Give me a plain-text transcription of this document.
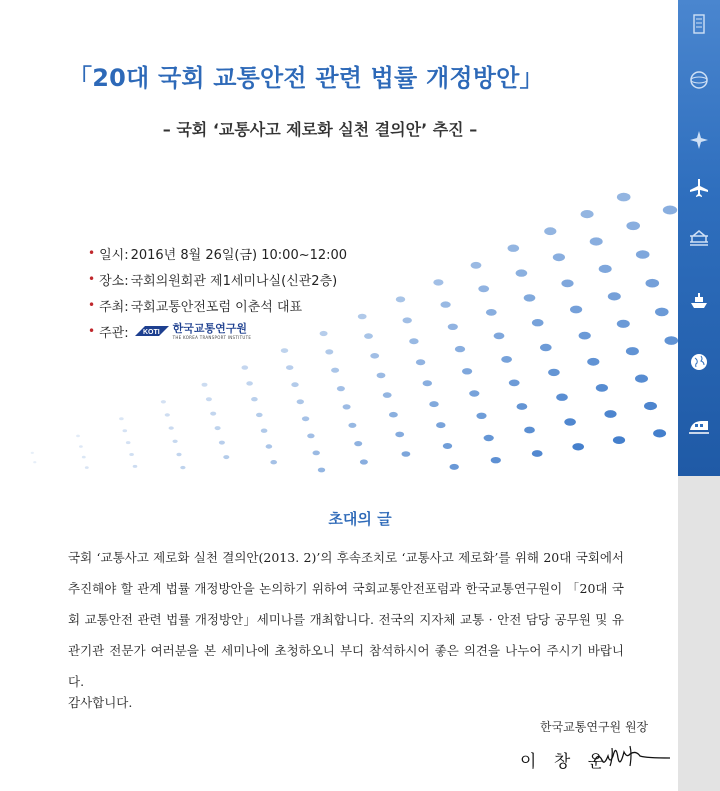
「20대 국회 교통안전 관련 법률 개정방안」
– 국회 ‘교통사고 제로화 실천 결의안’ 추진 –
• 일시: 2016년 8월 26일(금) 10:00~12:00
• 장소: 국회의원회관 제1세미나실(신관2층)
• 주최: 국회교통안전포럼 이춘석 대표
• 주관: KOTI 한국교통연구원
THE KOREA TRANSPORT INSTITUTE
초대의 글

국회 ‘교통사고 제로화 실천 결의안(2013. 2)’의 후속조치로 ‘교통사고 제로화’를 위해 20대 국회에서 추진해야 할 관계 법률 개정방안을 논의하기 위하여 국회교통안전포럼과 한국교통연구원이 「20대 국회 교통안전 관련 법률 개정방안」세미나를 개최합니다. 전국의 지자체 교통 · 안전 담당 공무원 및 유관기관 전문가 여러분을 본 세미나에 초청하오니 부디 참석하시어 좋은 의견을 나누어 주시기 바랍니다.

감사합니다.
한국교통연구원 원장
이 창 운
